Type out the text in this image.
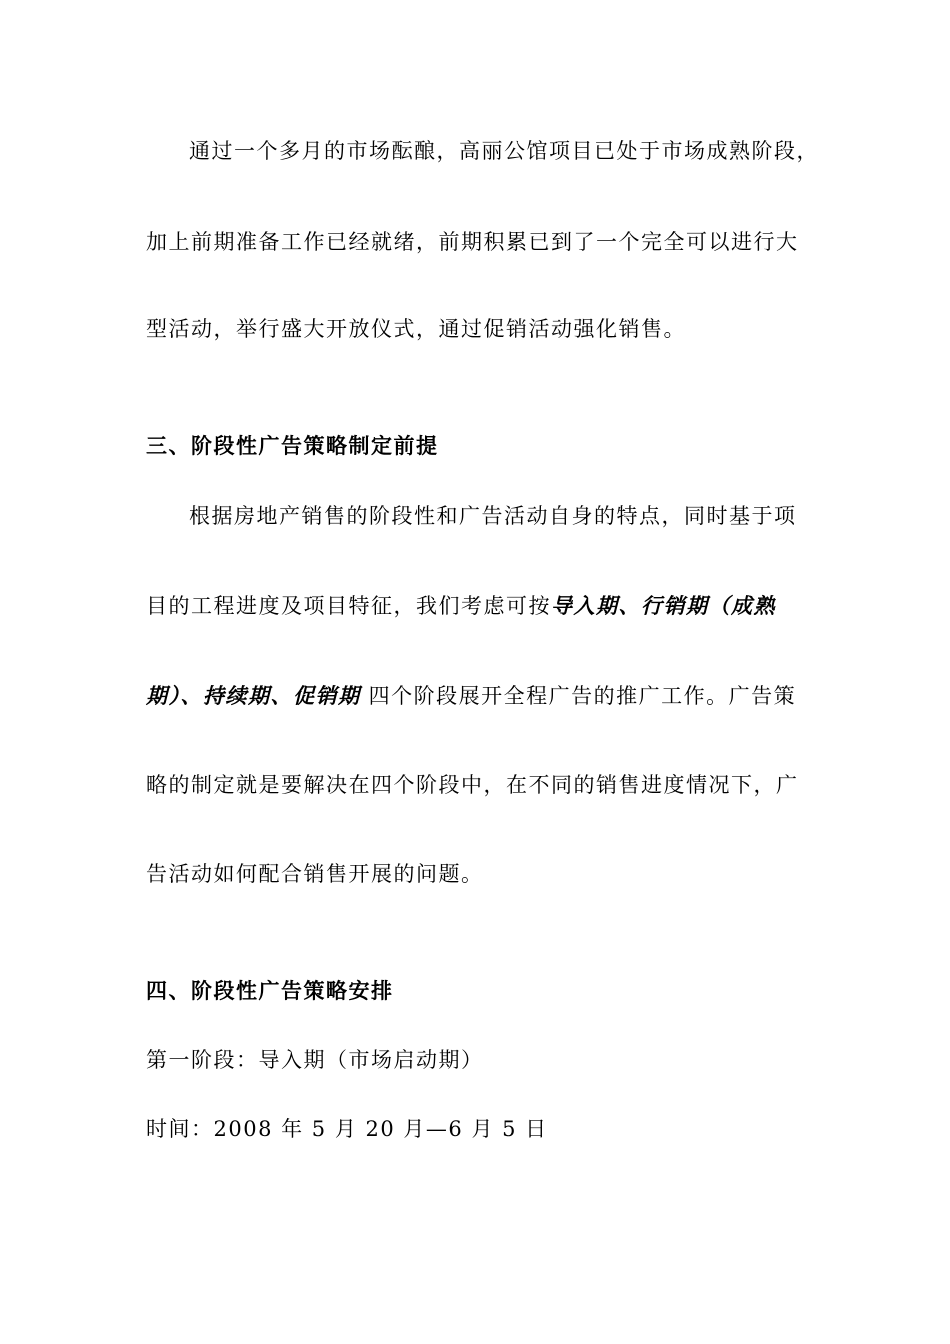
通过一个多月的市场酝酿，高丽公馆项目已处于市场成熟阶段，
加上前期准备工作已经就绪，前期积累已到了一个完全可以进行大
型活动，举行盛大开放仪式，通过促销活动强化销售。
三、阶段性广告策略制定前提
根据房地产销售的阶段性和广告活动自身的特点，同时基于项
目的工程进度及项目特征，我们考虑可按导入期、行销期（成熟
期）、持续期、促销期 四个阶段展开全程广告的推广工作。广告策
略的制定就是要解决在四个阶段中，在不同的销售进度情况下，广
告活动如何配合销售开展的问题。
四、阶段性广告策略安排
第一阶段：导入期（市场启动期）
时间：2008 年 5 月 20 月—6 月 5 日
